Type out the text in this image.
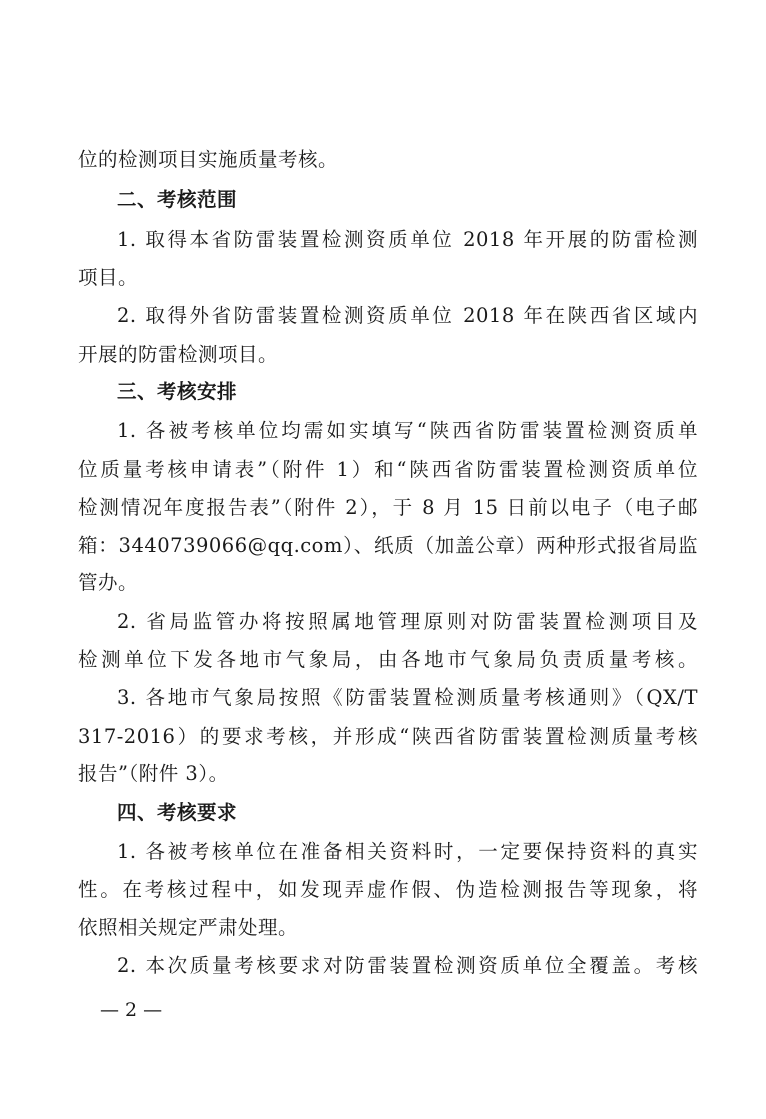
位的检测项目实施质量考核。
二、考核范围
1. 取得本省防雷装置检测资质单位 2018 年开展的防雷检测
项目。
2. 取得外省防雷装置检测资质单位 2018 年在陕西省区域内
开展的防雷检测项目。
三、考核安排
1. 各被考核单位均需如实填写“陕西省防雷装置检测资质单
位质量考核申请表”（附件 1）和“陕西省防雷装置检测资质单位
检测情况年度报告表”（附件 2），于 8 月 15 日前以电子（电子邮
箱：3440739066@qq.com）、纸质（加盖公章）两种形式报省局监
管办。
2. 省局监管办将按照属地管理原则对防雷装置检测项目及
检测单位下发各地市气象局，由各地市气象局负责质量考核。
3. 各地市气象局按照《防雷装置检测质量考核通则》（QX/T
317-2016）的要求考核，并形成“陕西省防雷装置检测质量考核
报告”（附件 3）。
四、考核要求
1. 各被考核单位在准备相关资料时，一定要保持资料的真实
性。在考核过程中，如发现弄虚作假、伪造检测报告等现象，将
依照相关规定严肃处理。
2. 本次质量考核要求对防雷装置检测资质单位全覆盖。考核
— 2 —
